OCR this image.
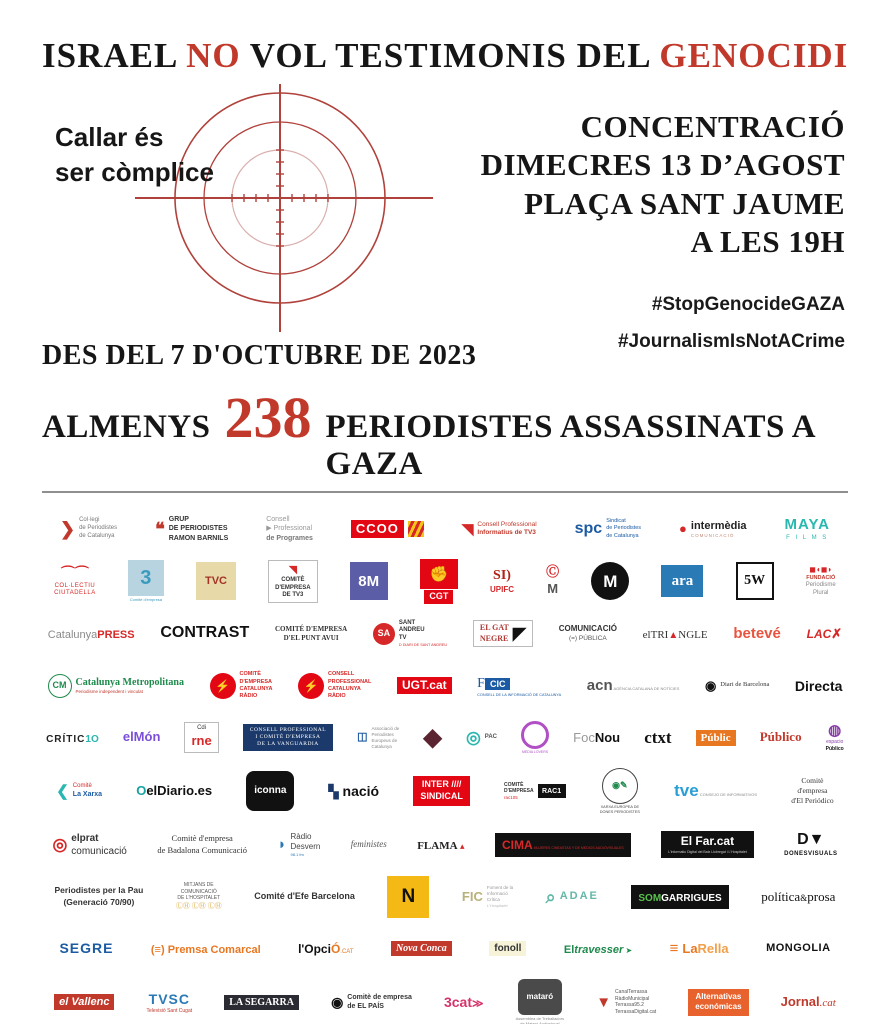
ISRAEL NO VOL TESTIMONIS DEL GENOCIDI
Callar és
ser còmplice
CONCENTRACIÓ
DIMECRES 13 D’AGOST
PLAÇA SANT JAUME
A LES 19H
#StopGenocideGAZA
#JournalismIsNotACrime
DES DEL 7 D'OCTUBRE DE 2023
ALMENYS 238 PERIODISTES ASSASSINATS A GAZA
❯ Col·legi
de Periodistes
de Catalunya ❝ GRUP
DE PERIODISTES
RAMON BARNILS
Consell
▶ Professional
de Programes
CCOO	◥ Consell Professional
Informatius de TV3 spc Sindicat
de Periodistes
de Catalunya	● intermèdia
COMUNICACIÓ
MAYA
F I L M S
⌒⌒
COL·LECTIU
CIUTADELLA
3
Comitè d'empresa
TVC
◥
COMITÈ
D'EMPRESA
DE TV3
8M	✊
CGT
SI)
UPIFC
Ⓒ
M	M	ara	5W
◼◖◼◗
FUNDACIÓ
Periodisme
Plural
CatalunyaPRESS CONTRAST	COMITÉ D'EMPRESA
D'EL PUNT AVUI	SA
SANT
ANDREU
TV
D DIARI DE SANT ANDREU
EL GAT
NEGRE ◤	COMUNICACIÓ
(=) PÚBLICA	elTRI▲NGLE betevé LAC✗
CM Catalunya Metropolitana
Periodisme independent i vinculat	⚡
COMITÈ
D'EMPRESA
CATALUNYA
RÀDIO
⚡
CONSELL
PROFESSIONAL
CATALUNYA
RÀDIO
UGT.cat	FCIC
CONSELL DE LA INFORMACIÓ DE CATALUNYA
acn AGÈNCIA CATALANA DE NOTÍCIES ◉ Diari de Barcelona Directa
CRÍTIC1O elMón
Cdi
rne
CONSELL PROFESSIONAL
I COMITÈ D'EMPRESA
DE LA VANGUARDIA
◫
Associació de
Periodistes
Europeus de
Catalunya	◆ ◎ PAC
MEDIA LOVERS
FocNou ctxt	Públic	Público ◍
espacio
Público
❮ Comitè
La Xarxa	OelDiario.es	iconna	▚ nació	INTER ////
SINDICAL
COMITÈ
D'EMPRESA
rac105
RAC1
◉✎
XARXA EUROPEA DE
DONES PERIODISTES
tve CONSEJO DE INFORMATIVOS
Comitè
d'empresa
d'El Periódico
◎ elprat
comunicació
Comitè d'empresa
de Badalona Comunicació ◗ Ràdio
Desvern
98.1 fm
feministes	FLAMA ▴	CIMA MUJERES CINEASTAS Y DE MEDIOS AUDIOVISUALES	El Far.cat
L'informatiu Digital del Baix Llobregat i L'Hospitalet
D▼
DONESVISUALS
Periodistes per la Pau
(Generació 70/90)
MITJANS DE
COMUNICACIÓ
DE L'HOSPITALET
ⓁⒽ ⓁⒽ ⓁⒽ
Comité d'Efe Barcelona	N	FIC
Foment de la
Informació
Crítica
L'Hospitalet	⌕ ADAE	SOMGARRIGUES	política&prosa
SEGRE	(≡) Premsa Comarcal	l'OpciÓ.CAT	Nova Conca	fonoll	Eltravesser ➤ ≡ LaRella	MONGOLIA
el Vallenc	TVSC
Televisió Sant Cugat
LA SEGARRA	◉ Comitè de empresa
de EL PAÍS	3cat≫
mataró
Assemblea de Treballadors
de Mataró Audiovisual
▼
CanalTerrassa
RàdioMunicipal
Terrassa95.2
TerrassaDigital.cat
Alternativas
económicas	Jornal.cat
